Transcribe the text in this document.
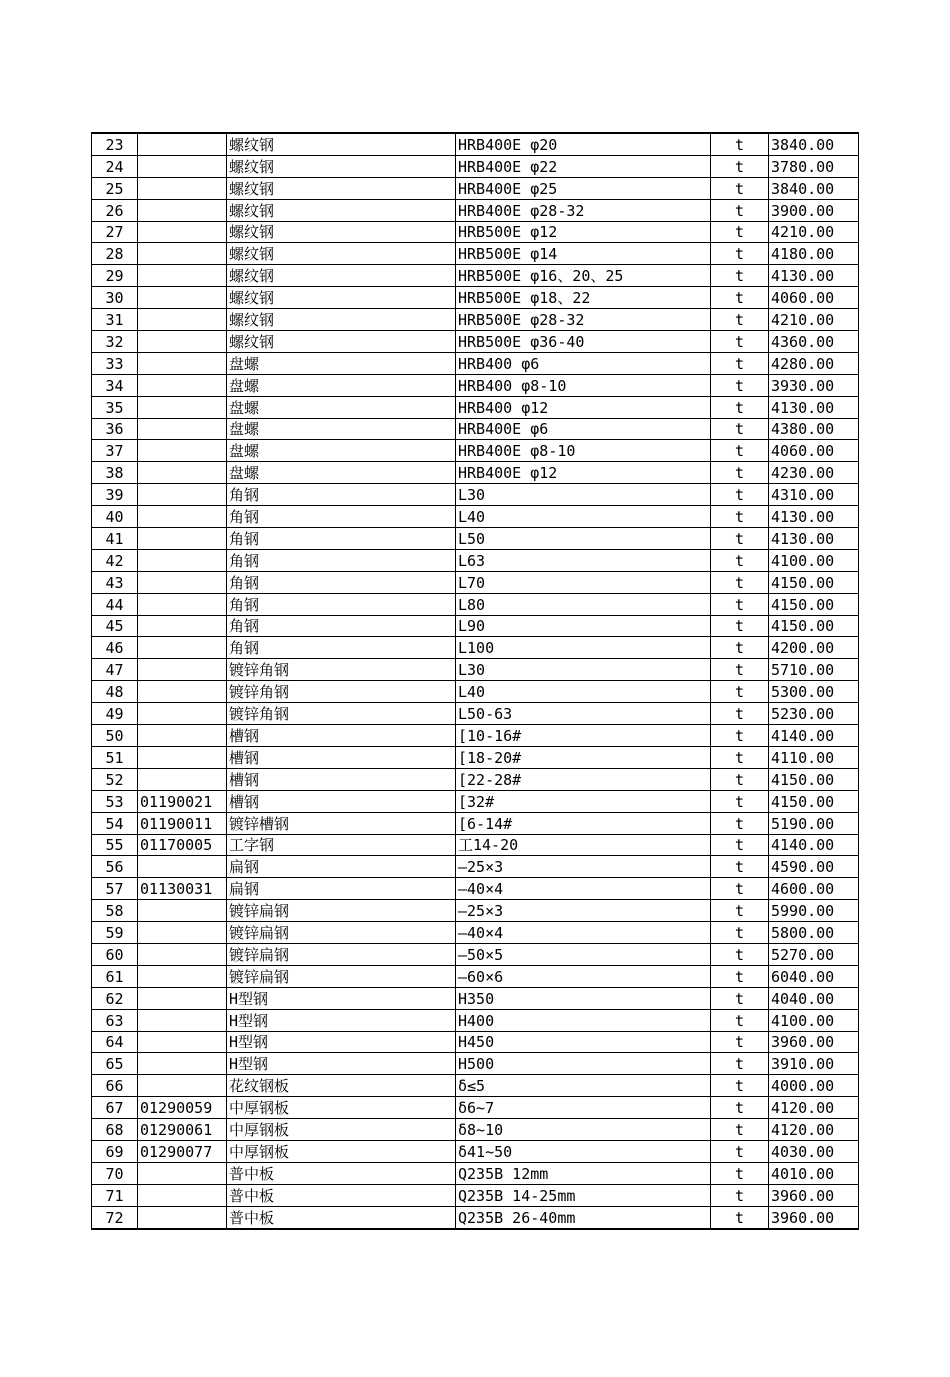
23		螺纹钢	HRB400E φ20	t	3840.00
24		螺纹钢	HRB400E φ22	t	3780.00
25		螺纹钢	HRB400E φ25	t	3840.00
26		螺纹钢	HRB400E φ28-32	t	3900.00
27		螺纹钢	HRB500E φ12	t	4210.00
28		螺纹钢	HRB500E φ14	t	4180.00
29		螺纹钢	HRB500E φ16、20、25	t	4130.00
30		螺纹钢	HRB500E φ18、22	t	4060.00
31		螺纹钢	HRB500E φ28-32	t	4210.00
32		螺纹钢	HRB500E φ36-40	t	4360.00
33		盘螺	HRB400 φ6	t	4280.00
34		盘螺	HRB400 φ8-10	t	3930.00
35		盘螺	HRB400 φ12	t	4130.00
36		盘螺	HRB400E φ6	t	4380.00
37		盘螺	HRB400E φ8-10	t	4060.00
38		盘螺	HRB400E φ12	t	4230.00
39		角钢	L30	t	4310.00
40		角钢	L40	t	4130.00
41		角钢	L50	t	4130.00
42		角钢	L63	t	4100.00
43		角钢	L70	t	4150.00
44		角钢	L80	t	4150.00
45		角钢	L90	t	4150.00
46		角钢	L100	t	4200.00
47		镀锌角钢	L30	t	5710.00
48		镀锌角钢	L40	t	5300.00
49		镀锌角钢	L50-63	t	5230.00
50		槽钢	[10-16#	t	4140.00
51		槽钢	[18-20#	t	4110.00
52		槽钢	[22-28#	t	4150.00
53	01190021	槽钢	[32#	t	4150.00
54	01190011	镀锌槽钢	[6-14#	t	5190.00
55	01170005	工字钢	工14-20	t	4140.00
56		扁钢	—25×3	t	4590.00
57	01130031	扁钢	—40×4	t	4600.00
58		镀锌扁钢	—25×3	t	5990.00
59		镀锌扁钢	—40×4	t	5800.00
60		镀锌扁钢	—50×5	t	5270.00
61		镀锌扁钢	—60×6	t	6040.00
62		H型钢	H350	t	4040.00
63		H型钢	H400	t	4100.00
64		H型钢	H450	t	3960.00
65		H型钢	H500	t	3910.00
66		花纹钢板	δ≤5	t	4000.00
67	01290059	中厚钢板	δ6~7	t	4120.00
68	01290061	中厚钢板	δ8~10	t	4120.00
69	01290077	中厚钢板	δ41~50	t	4030.00
70		普中板	Q235B 12mm	t	4010.00
71		普中板	Q235B 14-25mm	t	3960.00
72		普中板	Q235B 26-40mm	t	3960.00
